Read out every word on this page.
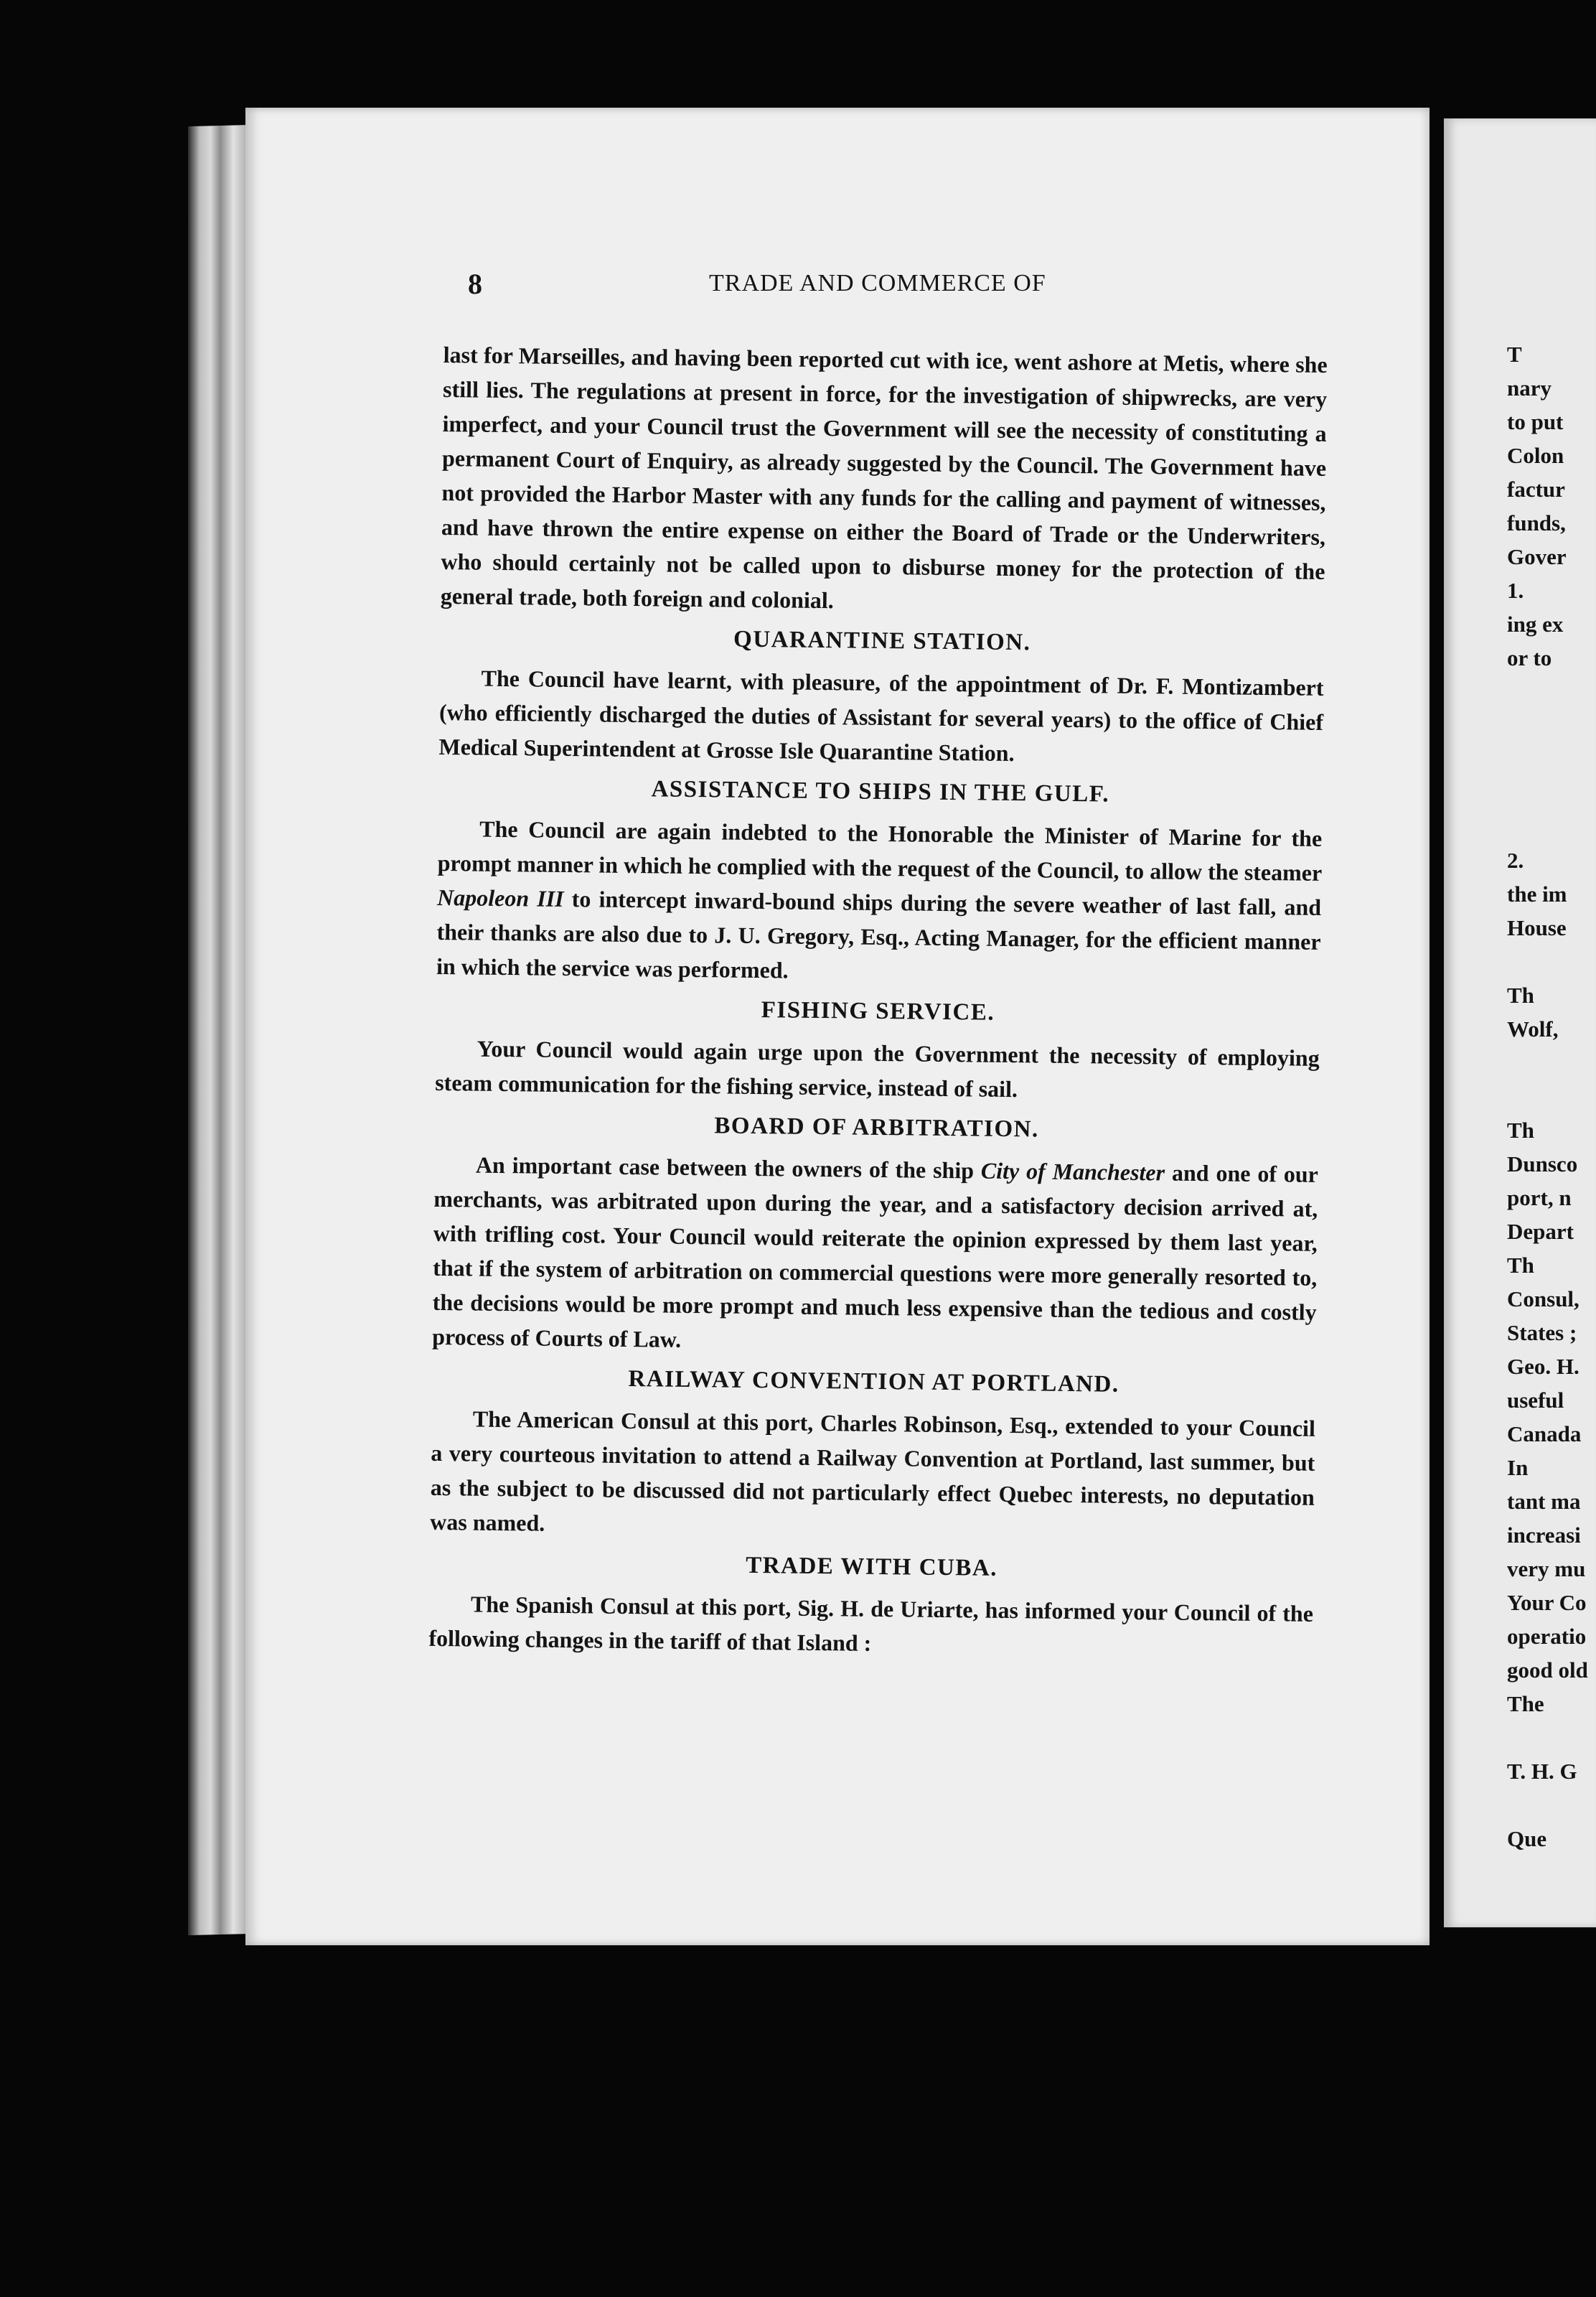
8	TRADE AND COMMERCE OF

last for Marseilles, and having been reported cut with ice, went ashore at Metis, where she still lies. The regulations at present in force, for the investigation of shipwrecks, are very imperfect, and your Council trust the Government will see the necessity of constituting a permanent Court of Enquiry, as already suggested by the Council. The Government have not provided the Harbor Master with any funds for the calling and payment of witnesses, and have thrown the entire expense on either the Board of Trade or the Underwriters, who should certainly not be called upon to disburse money for the protection of the general trade, both foreign and colonial.

QUARANTINE STATION.

The Council have learnt, with pleasure, of the appointment of Dr. F. Montizambert (who efficiently discharged the duties of Assistant for several years) to the office of Chief Medical Superintendent at Grosse Isle Quarantine Station.

ASSISTANCE TO SHIPS IN THE GULF.

The Council are again indebted to the Honorable the Minister of Marine for the prompt manner in which he complied with the request of the Council, to allow the steamer Napoleon III to intercept inward-bound ships during the severe weather of last fall, and their thanks are also due to J. U. Gregory, Esq., Acting Manager, for the efficient manner in which the service was performed.

FISHING SERVICE.

Your Council would again urge upon the Government the necessity of employing steam communication for the fishing service, instead of sail.

BOARD OF ARBITRATION.

An important case between the owners of the ship City of Manchester and one of our merchants, was arbitrated upon during the year, and a satisfactory decision arrived at, with trifling cost. Your Council would reiterate the opinion expressed by them last year, that if the system of arbitration on commercial questions were more generally resorted to, the decisions would be more prompt and much less expensive than the tedious and costly process of Courts of Law.

RAILWAY CONVENTION AT PORTLAND.

The American Consul at this port, Charles Robinson, Esq., extended to your Council a very courteous invitation to attend a Railway Convention at Portland, last summer, but as the subject to be discussed did not particularly effect Quebec interests, no deputation was named.

TRADE WITH CUBA.

The Spanish Consul at this port, Sig. H. de Uriarte, has informed your Council of the following changes in the tariff of that Island :

T
nary
to put
Colon
factur
funds,
Gover
1.
ing ex
or to
2.
the im
House
Th
Wolf,
Th
Dunsco
port, n
Depart
Th
Consul,
States ;
Geo. H.
useful
Canada
In
tant ma
increasi
very mu
Your Co
operatio
good old
The
T. H. G
Que
